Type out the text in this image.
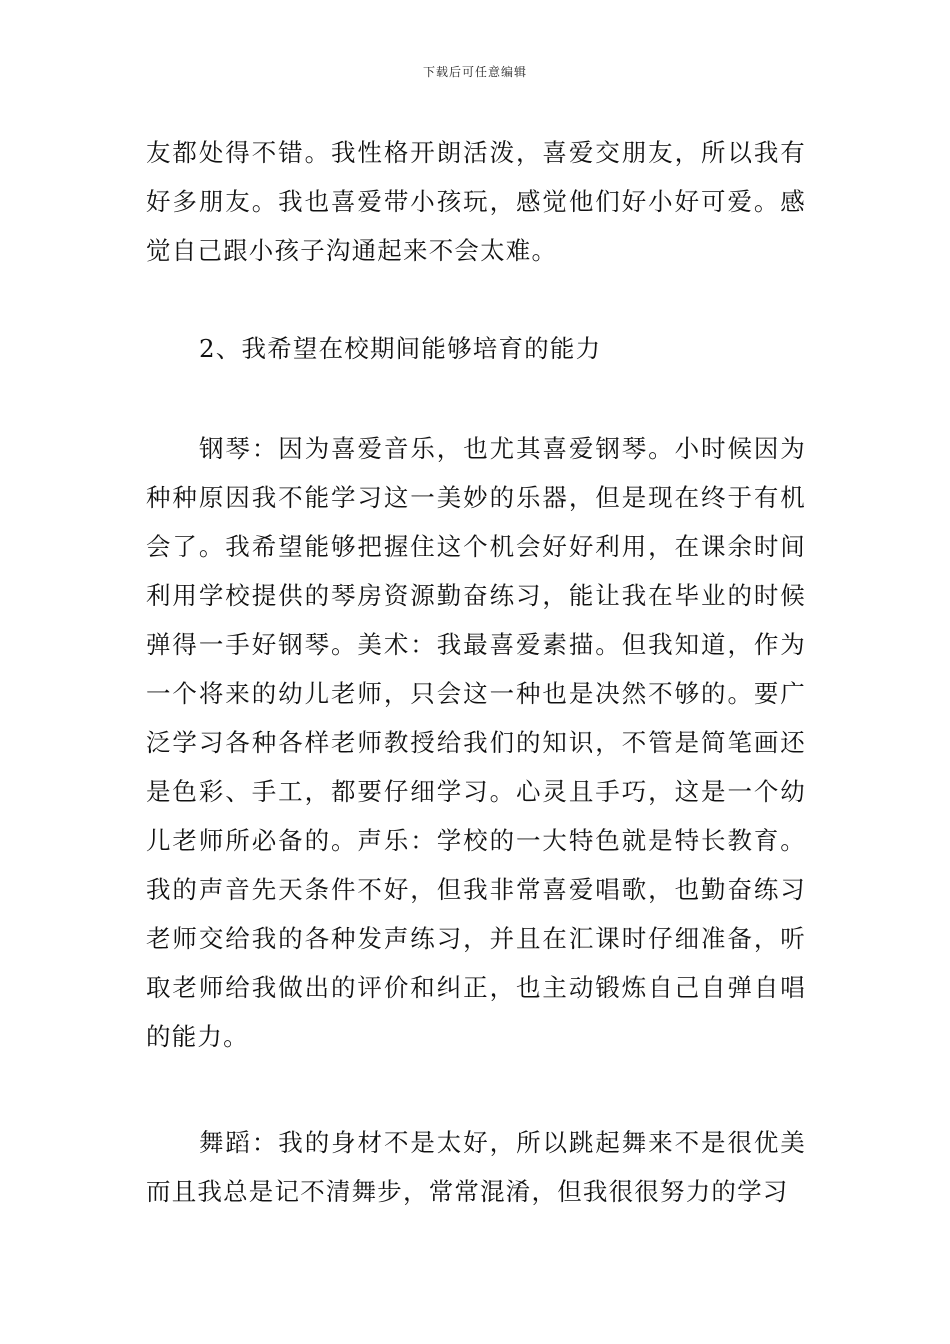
下载后可任意编辑

友都处得不错。我性格开朗活泼，喜爱交朋友，所以我有好多朋友。我也喜爱带小孩玩，感觉他们好小好可爱。感觉自己跟小孩子沟通起来不会太难。

2、我希望在校期间能够培育的能力

钢琴：因为喜爱音乐，也尤其喜爱钢琴。小时候因为种种原因我不能学习这一美妙的乐器，但是现在终于有机会了。我希望能够把握住这个机会好好利用，在课余时间利用学校提供的琴房资源勤奋练习，能让我在毕业的时候弹得一手好钢琴。美术：我最喜爱素描。但我知道，作为一个将来的幼儿老师，只会这一种也是决然不够的。要广泛学习各种各样老师教授给我们的知识，不管是简笔画还是色彩、手工，都要仔细学习。心灵且手巧，这是一个幼儿老师所必备的。声乐：学校的一大特色就是特长教育。我的声音先天条件不好，但我非常喜爱唱歌，也勤奋练习老师交给我的各种发声练习，并且在汇课时仔细准备，听取老师给我做出的评价和纠正，也主动锻炼自己自弹自唱的能力。

舞蹈：我的身材不是太好，所以跳起舞来不是很优美而且我总是记不清舞步，常常混淆，但我很很努力的学习
